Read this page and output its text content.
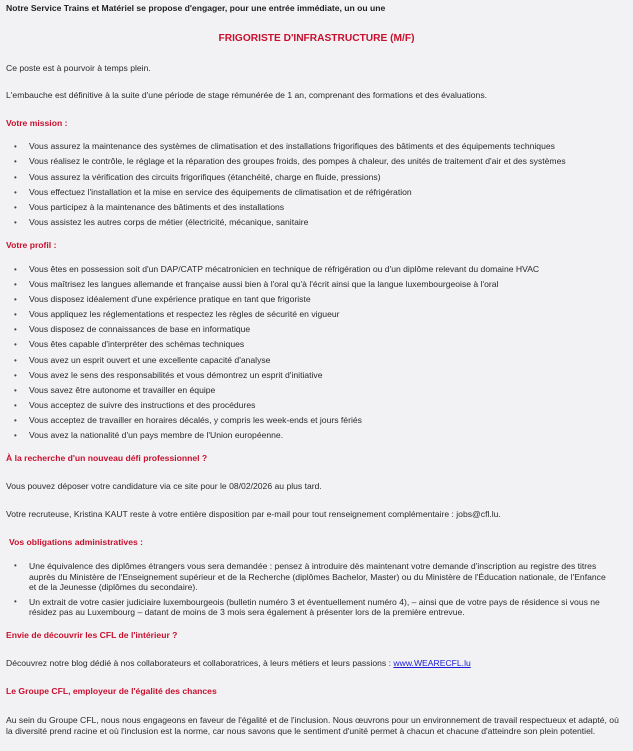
Notre Service Trains et Matériel se propose d'engager, pour une entrée immédiate, un ou une
FRIGORISTE D'INFRASTRUCTURE (M/F)
Ce poste est à pourvoir à temps plein.
L'embauche est définitive à la suite d'une période de stage rémunérée de 1 an, comprenant des formations et des évaluations.
Votre mission :
• Vous assurez la maintenance des systèmes de climatisation et des installations frigorifiques des bâtiments et des équipements techniques
• Vous réalisez le contrôle, le réglage et la réparation des groupes froids, des pompes à chaleur, des unités de traitement d'air et des systèmes
• Vous assurez la vérification des circuits frigorifiques (étanchéité, charge en fluide, pressions)
• Vous effectuez l'installation et la mise en service des équipements de climatisation et de réfrigération
• Vous participez à la maintenance des bâtiments et des installations
• Vous assistez les autres corps de métier (électricité, mécanique, sanitaire
Votre profil :
• Vous êtes en possession soit d'un DAP/CATP mécatronicien en technique de réfrigération ou d'un diplôme relevant du domaine HVAC
• Vous maîtrisez les langues allemande et française aussi bien à l'oral qu'à l'écrit ainsi que la langue luxembourgeoise à l'oral
• Vous disposez idéalement d'une expérience pratique en tant que frigoriste
• Vous appliquez les réglementations et respectez les règles de sécurité en vigueur
• Vous disposez de connaissances de base en informatique
• Vous êtes capable d'interpréter des schémas techniques
• Vous avez un esprit ouvert et une excellente capacité d'analyse
• Vous avez le sens des responsabilités et vous démontrez un esprit d'initiative
• Vous savez être autonome et travailler en équipe
• Vous acceptez de suivre des instructions et des procédures
• Vous acceptez de travailler en horaires décalés, y compris les week-ends et jours fériés
• Vous avez la nationalité d'un pays membre de l'Union européenne.
À la recherche d'un nouveau défi professionnel ?
Vous pouvez déposer votre candidature via ce site pour le 08/02/2026 au plus tard.
Votre recruteuse, Kristina KAUT reste à votre entière disposition par e-mail pour tout renseignement complémentaire : jobs@cfl.lu.
Vos obligations administratives :
• Une équivalence des diplômes étrangers vous sera demandée : pensez à introduire dès maintenant votre demande d'inscription au registre des titres auprès du Ministère de l'Enseignement supérieur et de la Recherche (diplômes Bachelor, Master) ou du Ministère de l'Éducation nationale, de l'Enfance et de la Jeunesse (diplômes du secondaire).
• Un extrait de votre casier judiciaire luxembourgeois (bulletin numéro 3 et éventuellement numéro 4), – ainsi que de votre pays de résidence si vous ne résidez pas au Luxembourg – datant de moins de 3 mois sera également à présenter lors de la première entrevue.
Envie de découvrir les CFL de l'intérieur ?
Découvrez notre blog dédié à nos collaborateurs et collaboratrices, à leurs métiers et leurs passions : www.WEARECFL.lu
Le Groupe CFL, employeur de l'égalité des chances
Au sein du Groupe CFL, nous nous engageons en faveur de l'égalité et de l'inclusion. Nous œuvrons pour un environnement de travail respectueux et adapté, où la diversité prend racine et où l'inclusion est la norme, car nous savons que le sentiment d'unité permet à chacun et chacune d'atteindre son plein potentiel.
